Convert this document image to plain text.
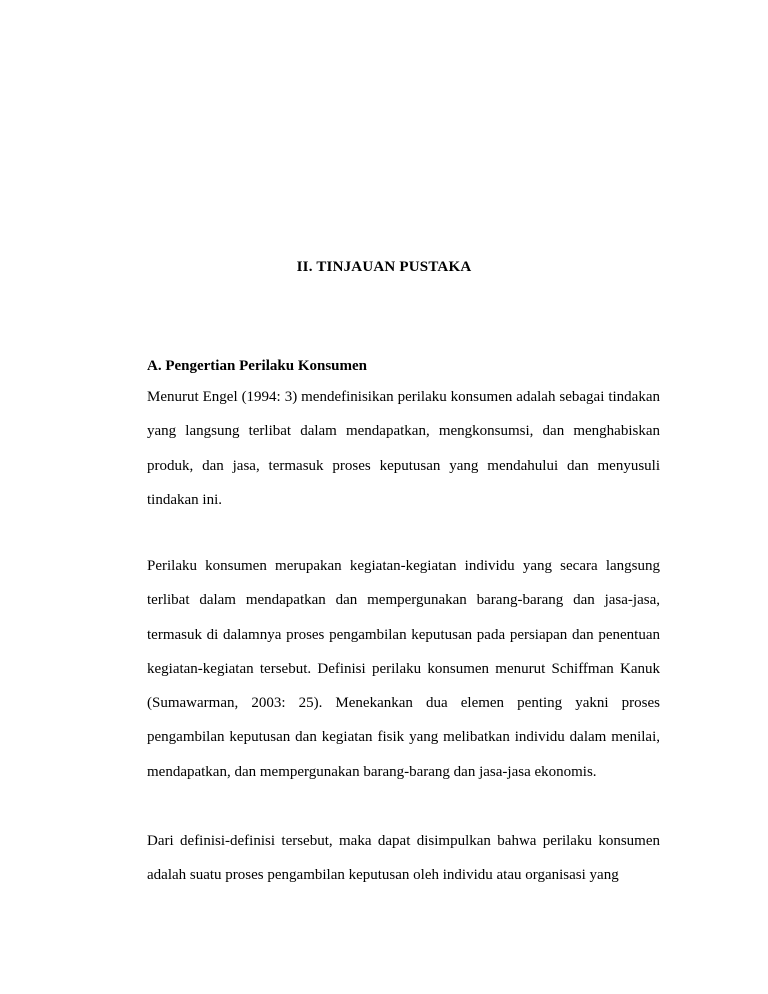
II. TINJAUAN PUSTAKA
A. Pengertian Perilaku Konsumen

Menurut Engel (1994: 3) mendefinisikan perilaku konsumen adalah sebagai tindakan yang langsung terlibat dalam mendapatkan, mengkonsumsi, dan menghabiskan produk, dan jasa, termasuk proses keputusan yang mendahului dan menyusuli tindakan ini.

Perilaku konsumen merupakan kegiatan-kegiatan individu yang secara langsung terlibat dalam mendapatkan dan mempergunakan barang-barang dan jasa-jasa, termasuk di dalamnya proses pengambilan keputusan pada persiapan dan penentuan kegiatan-kegiatan tersebut. Definisi perilaku konsumen menurut Schiffman Kanuk (Sumawarman, 2003: 25). Menekankan dua elemen penting yakni proses pengambilan keputusan dan kegiatan fisik yang melibatkan individu dalam menilai, mendapatkan, dan mempergunakan barang-barang dan jasa-jasa ekonomis.

Dari definisi-definisi tersebut, maka dapat disimpulkan bahwa perilaku konsumen adalah suatu proses pengambilan keputusan oleh individu atau organisasi yang
